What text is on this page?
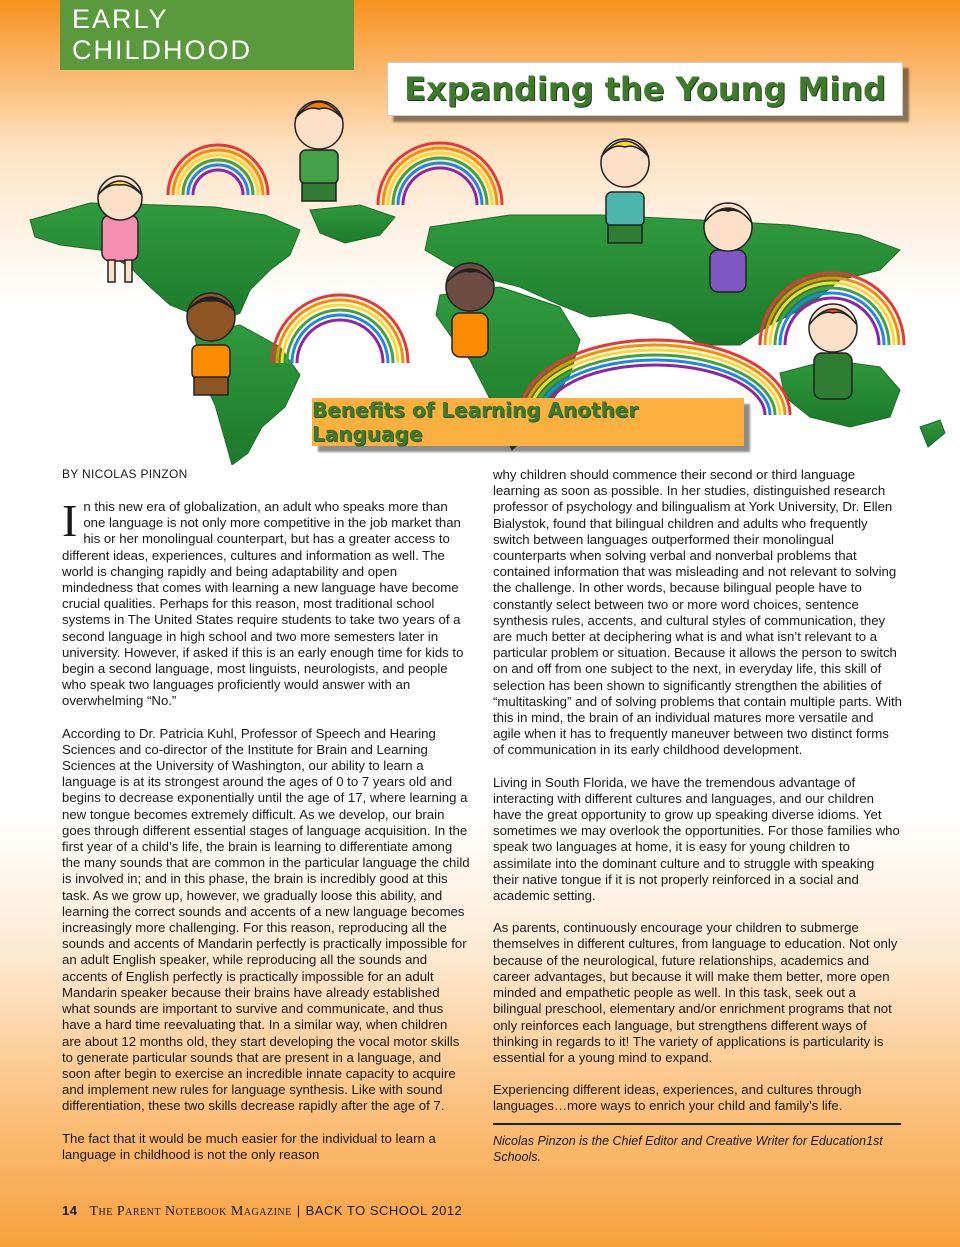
EARLY CHILDHOOD
Expanding the Young Mind
Benefits of Learning Another Language
BY NICOLAS PINZON

In this new era of globalization, an adult who speaks more than one language is not only more competitive in the job market than his or her monolingual counterpart, but has a greater access to different ideas, experiences, cultures and information as well. The world is changing rapidly and being adaptability and open mindedness that comes with learning a new language have become crucial qualities. Perhaps for this reason, most traditional school systems in The United States require students to take two years of a second language in high school and two more semesters later in university. However, if asked if this is an early enough time for kids to begin a second language, most linguists, neurologists, and people who speak two languages proficiently would answer with an overwhelming “No.”

According to Dr. Patricia Kuhl, Professor of Speech and Hearing Sciences and co-director of the Institute for Brain and Learning Sciences at the University of Washington, our ability to learn a language is at its strongest around the ages of 0 to 7 years old and begins to decrease exponentially until the age of 17, where learning a new tongue becomes extremely difficult. As we develop, our brain goes through different essential stages of language acquisition. In the first year of a child’s life, the brain is learning to differentiate among the many sounds that are common in the particular language the child is involved in; and in this phase, the brain is incredibly good at this task. As we grow up, however, we gradually loose this ability, and learning the correct sounds and accents of a new language becomes increasingly more challenging. For this reason, reproducing all the sounds and accents of Mandarin perfectly is practically impossible for an adult English speaker, while reproducing all the sounds and accents of English perfectly is practically impossible for an adult Mandarin speaker because their brains have already established what sounds are important to survive and communicate, and thus have a hard time reevaluating that. In a similar way, when children are about 12 months old, they start developing the vocal motor skills to generate particular sounds that are present in a language, and soon after begin to exercise an incredible innate capacity to acquire and implement new rules for language synthesis. Like with sound differentiation, these two skills decrease rapidly after the age of 7.

The fact that it would be much easier for the individual to learn a language in childhood is not the only reason

why children should commence their second or third language learning as soon as possible. In her studies, distinguished research professor of psychology and bilingualism at York University, Dr. Ellen Bialystok, found that bilingual children and adults who frequently switch between languages outperformed their monolingual counterparts when solving verbal and nonverbal problems that contained information that was misleading and not relevant to solving the challenge. In other words, because bilingual people have to constantly select between two or more word choices, sentence synthesis rules, accents, and cultural styles of communication, they are much better at deciphering what is and what isn’t relevant to a particular problem or situation. Because it allows the person to switch on and off from one subject to the next, in everyday life, this skill of selection has been shown to significantly strengthen the abilities of “multitasking” and of solving problems that contain multiple parts. With this in mind, the brain of an individual matures more versatile and agile when it has to frequently maneuver between two distinct forms of communication in its early childhood development.

Living in South Florida, we have the tremendous advantage of interacting with different cultures and languages, and our children have the great opportunity to grow up speaking diverse idioms. Yet sometimes we may overlook the opportunities. For those families who speak two languages at home, it is easy for young children to assimilate into the dominant culture and to struggle with speaking their native tongue if it is not properly reinforced in a social and academic setting.

As parents, continuously encourage your children to submerge themselves in different cultures, from language to education. Not only because of the neurological, future relationships, academics and career advantages, but because it will make them better, more open minded and empathetic people as well. In this task, seek out a bilingual preschool, elementary and/or enrichment programs that not only reinforces each language, but strengthens different ways of thinking in regards to it! The variety of applications is particularity is essential for a young mind to expand.

Experiencing different ideas, experiences, and cultures through languages…more ways to enrich your child and family’s life.

Nicolas Pinzon is the Chief Editor and Creative Writer for Education1st Schools.
14 The Parent Notebook Magazine | BACK TO SCHOOL 2012
